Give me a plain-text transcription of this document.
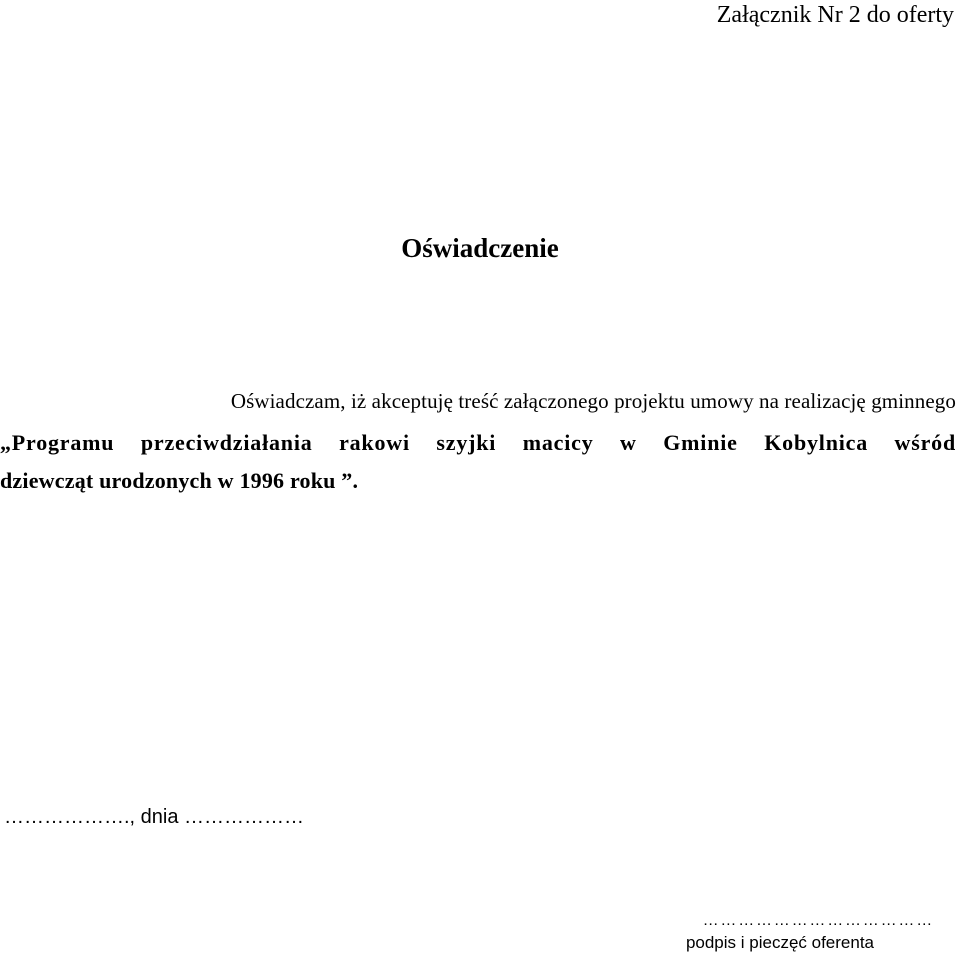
Załącznik Nr 2 do oferty
Oświadczenie
Oświadczam, iż akceptuję treść załączonego projektu umowy na realizację gminnego
„Programu przeciwdziałania rakowi szyjki macicy w Gminie Kobylnica wśród
dziewcząt urodzonych w 1996 roku ”.
………………., dnia ………………
…………………………………
podpis i pieczęć oferenta
